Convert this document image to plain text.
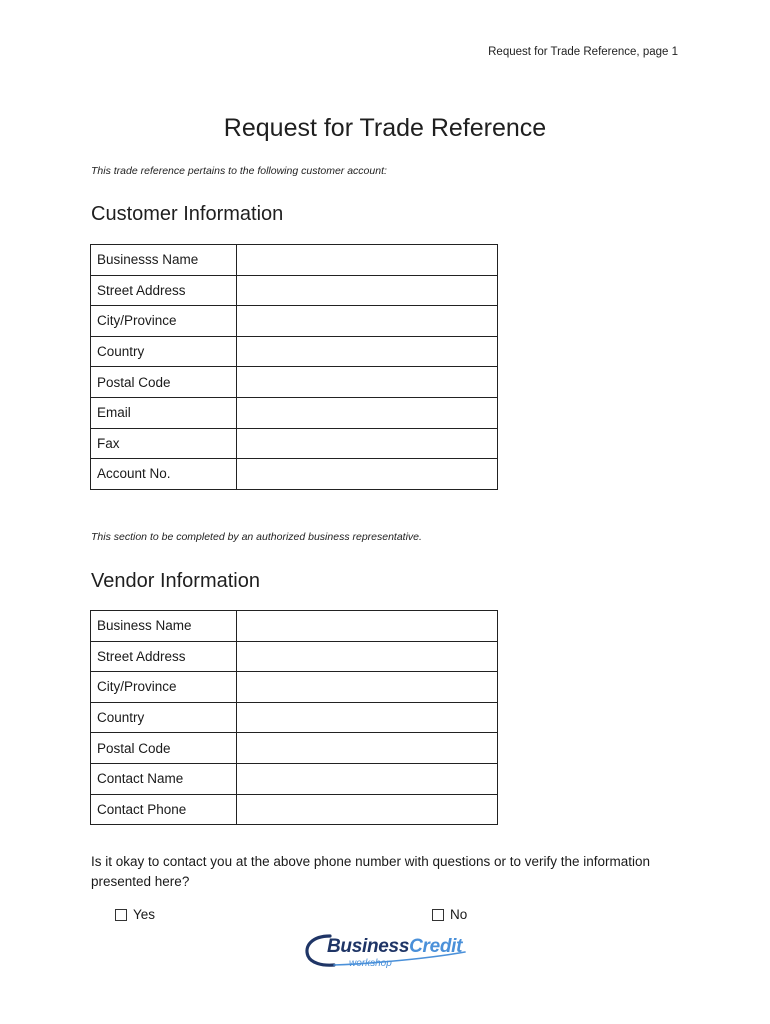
Request for Trade Reference, page 1
Request for Trade Reference
This trade reference pertains to the following customer account:
Customer Information
Businesss Name	
Street Address	
City/Province	
Country	
Postal Code	
Email	
Fax	
Account No.	
This section to be completed by an authorized business representative.
Vendor Information
Business Name	
Street Address	
City/Province	
Country	
Postal Code	
Contact Name	
Contact Phone	
Is it okay to contact you at the above phone number with questions or to verify the information presented here?
Yes	No
BusinessCredit
workshop
